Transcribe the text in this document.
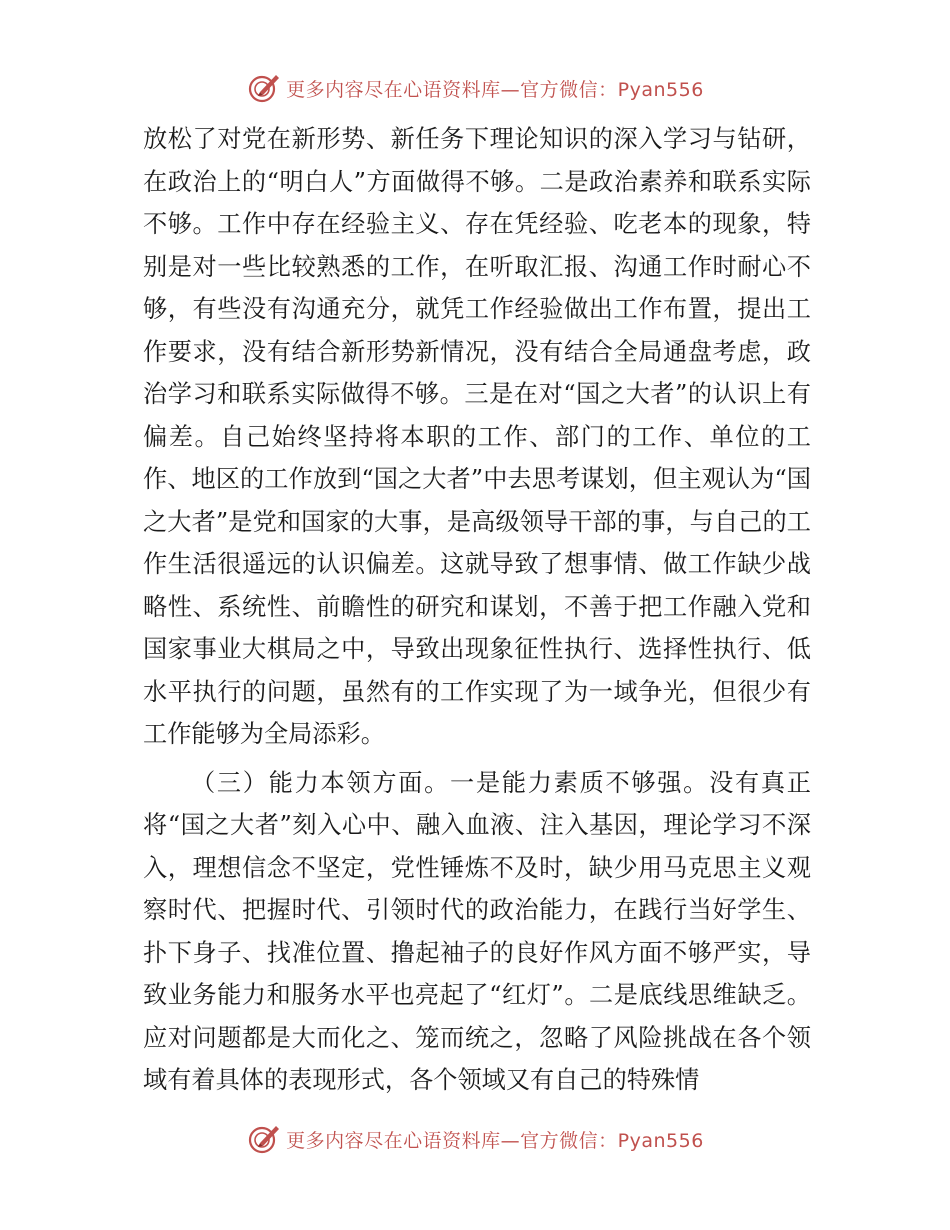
更多内容尽在心语资料库—官方微信：Pyan556

放松了对党在新形势、新任务下理论知识的深入学习与钻研，在政治上的“明白人”方面做得不够。二是政治素养和联系实际不够。工作中存在经验主义、存在凭经验、吃老本的现象，特别是对一些比较熟悉的工作，在听取汇报、沟通工作时耐心不够，有些没有沟通充分，就凭工作经验做出工作布置，提出工作要求，没有结合新形势新情况，没有结合全局通盘考虑，政治学习和联系实际做得不够。三是在对“国之大者”的认识上有偏差。自己始终坚持将本职的工作、部门的工作、单位的工作、地区的工作放到“国之大者”中去思考谋划，但主观认为“国之大者”是党和国家的大事，是高级领导干部的事，与自己的工作生活很遥远的认识偏差。这就导致了想事情、做工作缺少战略性、系统性、前瞻性的研究和谋划，不善于把工作融入党和国家事业大棋局之中，导致出现象征性执行、选择性执行、低水平执行的问题，虽然有的工作实现了为一域争光，但很少有工作能够为全局添彩。

（三）能力本领方面。一是能力素质不够强。没有真正将“国之大者”刻入心中、融入血液、注入基因，理论学习不深入，理想信念不坚定，党性锤炼不及时，缺少用马克思主义观察时代、把握时代、引领时代的政治能力，在践行当好学生、扑下身子、找准位置、撸起袖子的良好作风方面不够严实，导致业务能力和服务水平也亮起了“红灯”。二是底线思维缺乏。应对问题都是大而化之、笼而统之，忽略了风险挑战在各个领域有着具体的表现形式，各个领域又有自己的特殊情

更多内容尽在心语资料库—官方微信：Pyan556
